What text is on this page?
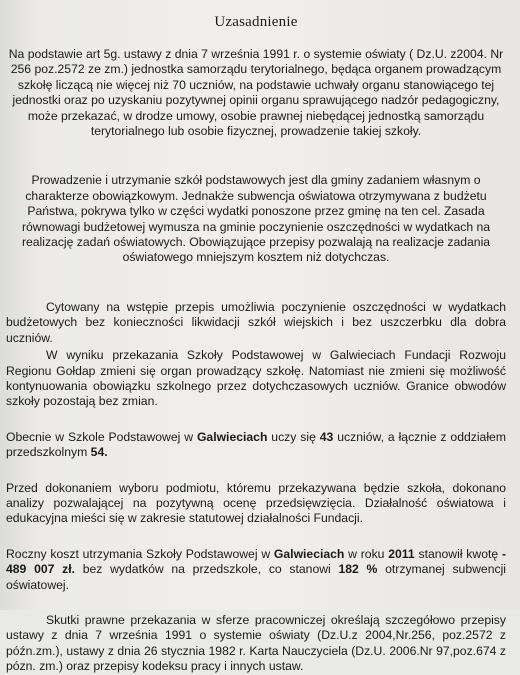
Uzasadnienie

Na podstawie art 5g. ustawy z dnia 7 września 1991 r. o systemie oświaty ( Dz.U. z2004. Nr 256 poz.2572 ze zm.) jednostka samorządu terytorialnego, będąca organem prowadzącym szkołę liczącą nie więcej niż 70 uczniów, na podstawie uchwały organu stanowiącego tej jednostki oraz po uzyskaniu pozytywnej opinii organu sprawującego nadzór pedagogiczny, może przekazać, w drodze umowy, osobie prawnej niebędącej jednostką samorządu terytorialnego lub osobie fizycznej, prowadzenie takiej szkoły.

Prowadzenie i utrzymanie szkół podstawowych jest dla gminy zadaniem własnym o charakterze obowiązkowym. Jednakże subwencja oświatowa otrzymywana z budżetu Państwa, pokrywa tylko w części wydatki ponoszone przez gminę na ten cel. Zasada równowagi budżetowej wymusza na gminie poczynienie oszczędności w wydatkach na realizację zadań oświatowych. Obowiązujące przepisy pozwalają na realizacje zadania oświatowego mniejszym kosztem niż dotychczas.

Cytowany na wstępie przepis umożliwia poczynienie oszczędności w wydatkach budżetowych bez konieczności likwidacji szkół wiejskich i bez uszczerbku dla dobra uczniów.

W wyniku przekazania Szkoły Podstawowej w Galwieciach Fundacji Rozwoju Regionu Gołdap zmieni się organ prowadzący szkołę. Natomiast nie zmieni się możliwość kontynuowania obowiązku szkolnego przez dotychczasowych uczniów. Granice obwodów szkoły pozostają bez zmian.

Obecnie w Szkole Podstawowej w Galwieciach uczy się 43 uczniów, a łącznie z oddziałem przedszkolnym 54.

Przed dokonaniem wyboru podmiotu, któremu przekazywana będzie szkoła, dokonano analizy pozwalającej na pozytywną ocenę przedsięwzięcia. Działalność oświatowa i edukacyjna mieści się w zakresie statutowej działalności Fundacji.

Roczny koszt utrzymania Szkoły Podstawowej w Galwieciach w roku 2011 stanowił kwotę - 489 007 zł. bez wydatków na przedszkole, co stanowi 182 % otrzymanej subwencji oświatowej.

Skutki prawne przekazania w sferze pracowniczej określają szczegółowo przepisy ustawy z dnia 7 września 1991 o systemie oświaty (Dz.U.z 2004,Nr.256, poz.2572 z późn.zm.), ustawy z dnia 26 stycznia 1982 r. Karta Nauczyciela (Dz.U. 2006.Nr 97,poz.674 z pózn. zm.) oraz przepisy kodeksu pracy i innych ustaw.
